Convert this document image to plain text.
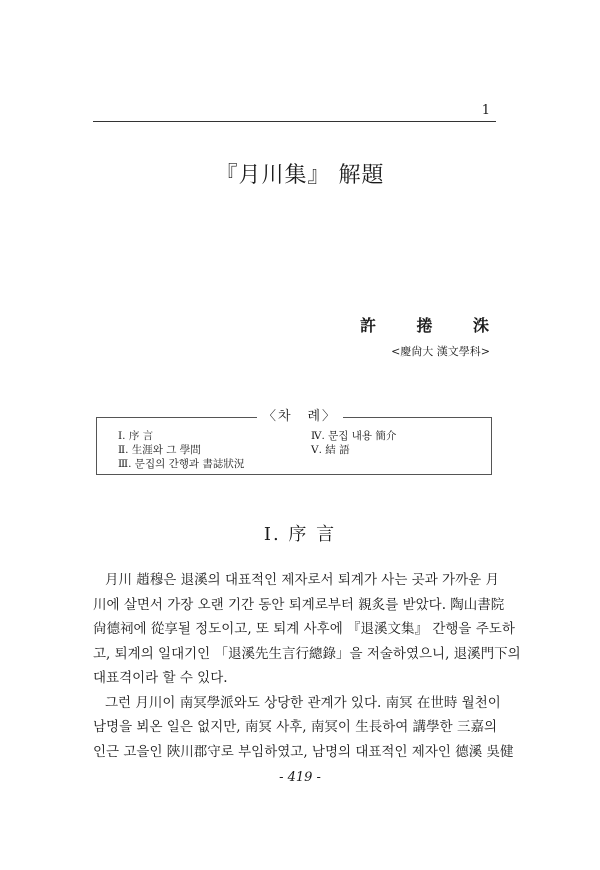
1
『月川集』 解題
許 捲 洙
<慶尙大 漢文學科>
〈차　례〉
Ⅰ. 序 言
Ⅱ. 生涯와 그 學問
Ⅲ. 문집의 간행과 書誌狀況
Ⅳ. 문집 내용 簡介
Ⅴ. 結 語
Ⅰ. 序 言

月川 趙穆은 退溪의 대표적인 제자로서 퇴계가 사는 곳과 가까운 月
川에 살면서 가장 오랜 기간 동안 퇴계로부터 親炙를 받았다. 陶山書院
尙德祠에 從享될 정도이고, 또 퇴계 사후에 『退溪文集』 간행을 주도하
고, 퇴계의 일대기인 「退溪先生言行總錄」을 저술하였으니, 退溪門下의
대표격이라 할 수 있다.

그런 月川이 南冥學派와도 상당한 관계가 있다. 南冥 在世時 월천이
남명을 뵈온 일은 없지만, 南冥 사후, 南冥이 生長하여 講學한 三嘉의
인근 고을인 陜川郡守로 부임하였고, 남명의 대표적인 제자인 德溪 吳健

- 419 -
